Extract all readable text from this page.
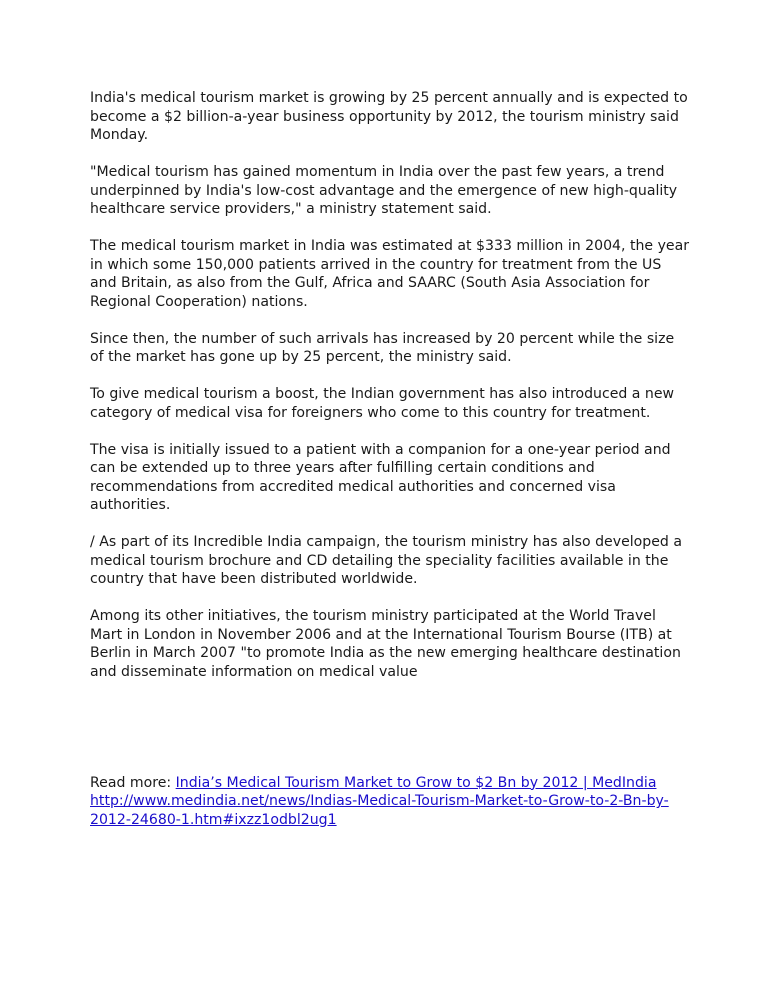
India's medical tourism market is growing by 25 percent annually and is expected to become a $2 billion-a-year business opportunity by 2012, the tourism ministry said Monday.

"Medical tourism has gained momentum in India over the past few years, a trend underpinned by India's low-cost advantage and the emergence of new high-quality healthcare service providers," a ministry statement said.

The medical tourism market in India was estimated at $333 million in 2004, the year in which some 150,000 patients arrived in the country for treatment from the US and Britain, as also from the Gulf, Africa and SAARC (South Asia Association for Regional Cooperation) nations.

Since then, the number of such arrivals has increased by 20 percent while the size of the market has gone up by 25 percent, the ministry said.

To give medical tourism a boost, the Indian government has also introduced a new category of medical visa for foreigners who come to this country for treatment.

The visa is initially issued to a patient with a companion for a one-year period and can be extended up to three years after fulfilling certain conditions and recommendations from accredited medical authorities and concerned visa authorities.

/ As part of its Incredible India campaign, the tourism ministry has also developed a medical tourism brochure and CD detailing the speciality facilities available in the country that have been distributed worldwide.

Among its other initiatives, the tourism ministry participated at the World Travel Mart in London in November 2006 and at the International Tourism Bourse (ITB) at Berlin in March 2007 "to promote India as the new emerging healthcare destination and disseminate information on medical value

Read more: India’s Medical Tourism Market to Grow to $2 Bn by 2012 | MedIndia
http://www.medindia.net/news/Indias-Medical-Tourism-Market-to-Grow-to-2-Bn-by-2012-24680-1.htm#ixzz1odbl2ug1
